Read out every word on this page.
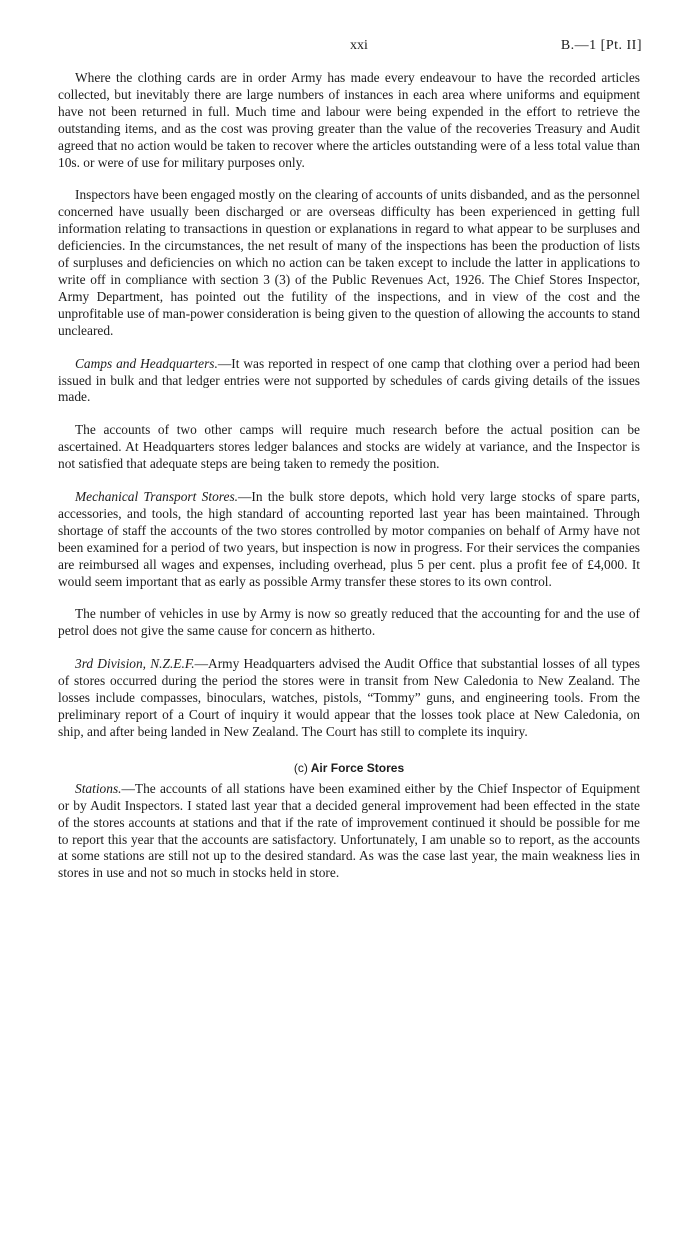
xxi	B.—1 [Pt. II]

Where the clothing cards are in order Army has made every endeavour to have the recorded articles collected, but inevitably there are large numbers of instances in each area where uniforms and equipment have not been returned in full. Much time and labour were being expended in the effort to retrieve the outstanding items, and as the cost was proving greater than the value of the recoveries Treasury and Audit agreed that no action would be taken to recover where the articles outstanding were of a less total value than 10s. or were of use for military purposes only.

Inspectors have been engaged mostly on the clearing of accounts of units disbanded, and as the personnel concerned have usually been discharged or are overseas difficulty has been experienced in getting full information relating to transactions in question or explanations in regard to what appear to be surpluses and deficiencies. In the circumstances, the net result of many of the inspections has been the production of lists of surpluses and deficiencies on which no action can be taken except to include the latter in applications to write off in compliance with section 3 (3) of the Public Revenues Act, 1926. The Chief Stores Inspector, Army Department, has pointed out the futility of the inspections, and in view of the cost and the unprofitable use of man-power consideration is being given to the question of allowing the accounts to stand uncleared.

Camps and Headquarters.—It was reported in respect of one camp that clothing over a period had been issued in bulk and that ledger entries were not supported by schedules of cards giving details of the issues made.

The accounts of two other camps will require much research before the actual position can be ascertained. At Headquarters stores ledger balances and stocks are widely at variance, and the Inspector is not satisfied that adequate steps are being taken to remedy the position.

Mechanical Transport Stores.—In the bulk store depots, which hold very large stocks of spare parts, accessories, and tools, the high standard of accounting reported last year has been maintained. Through shortage of staff the accounts of the two stores controlled by motor companies on behalf of Army have not been examined for a period of two years, but inspection is now in progress. For their services the companies are reimbursed all wages and expenses, including overhead, plus 5 per cent. plus a profit fee of £4,000. It would seem important that as early as possible Army transfer these stores to its own control.

The number of vehicles in use by Army is now so greatly reduced that the accounting for and the use of petrol does not give the same cause for concern as hitherto.

3rd Division, N.Z.E.F.—Army Headquarters advised the Audit Office that substantial losses of all types of stores occurred during the period the stores were in transit from New Caledonia to New Zealand. The losses include compasses, binoculars, watches, pistols, “Tommy” guns, and engineering tools. From the preliminary report of a Court of inquiry it would appear that the losses took place at New Caledonia, on ship, and after being landed in New Zealand. The Court has still to complete its inquiry.

(c) Air Force Stores

Stations.—The accounts of all stations have been examined either by the Chief Inspector of Equipment or by Audit Inspectors. I stated last year that a decided general improvement had been effected in the state of the stores accounts at stations and that if the rate of improvement continued it should be possible for me to report this year that the accounts are satisfactory. Unfortunately, I am unable so to report, as the accounts at some stations are still not up to the desired standard. As was the case last year, the main weakness lies in stores in use and not so much in stocks held in store.
